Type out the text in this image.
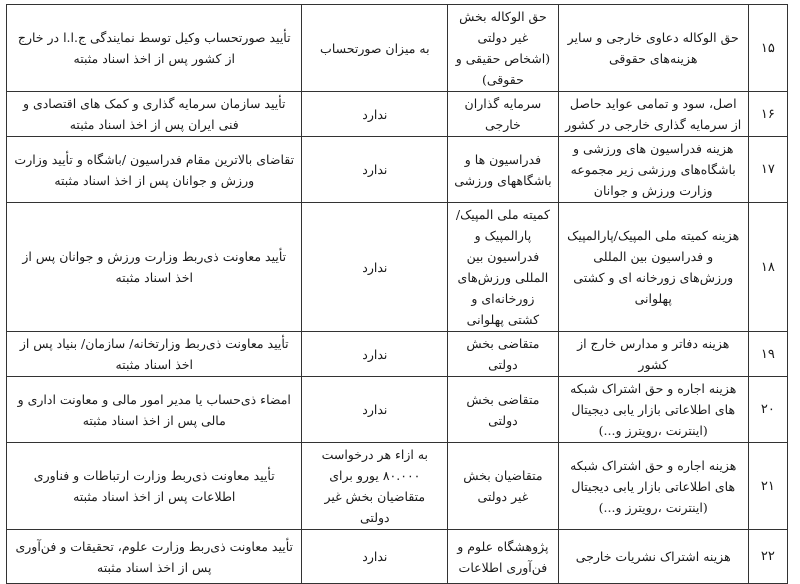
۱۵	حق الوکاله دعاوی خارجی و سایر هزینه‌های حقوقی	حق الوکاله بخش غیر دولتی (اشخاص حقیقی و حقوقی)	به میزان صورتحساب	تأیید صورتحساب وکیل توسط نمایندگی ج.ا.ا در خارج از کشور پس از اخذ اسناد مثبته
۱۶	اصل، سود و تمامی عواید حاصل از سرمایه گذاری خارجی در کشور	سرمایه گذاران خارجی	ندارد	تأیید سازمان سرمایه گذاری و کمک های اقتصادی و فنی ایران پس از اخذ اسناد مثبته
۱۷	هزینه فدراسیون های ورزشی و باشگاه‌های ورزشی زیر مجموعه وزارت ورزش و جوانان	فدراسیون ها و باشگاههای ورزشی	ندارد	تقاضای بالاترین مقام فدراسیون /باشگاه و تأیید وزارت ورزش و جوانان پس از اخذ اسناد مثبته
۱۸	هزینه کمیته ملی المپیک/پارالمپیک و فدراسیون بین المللی ورزش‌های زورخانه ای و کشتی پهلوانی	کمیته ملی المپیک/پارالمپیک و فدراسیون بین المللی ورزش‌های زورخانه‌ای و کشتی پهلوانی	ندارد	تأیید معاونت ذی‌ربط وزارت ورزش و جوانان پس از اخذ اسناد مثبته
۱۹	هزینه دفاتر و مدارس خارج از کشور	متقاضی بخش دولتی	ندارد	تأیید معاونت ذی‌ربط وزارتخانه/ سازمان/ بنیاد پس از اخذ اسناد مثبته
۲۰	هزینه اجاره و حق اشتراک شبکه های اطلاعاتی بازار یابی دیجیتال (اینترنت ،رویترز و...)	متقاضی بخش دولتی	ندارد	امضاء ذی‌حساب یا مدیر امور مالی و معاونت اداری و مالی پس از اخذ اسناد مثبته
۲۱	هزینه اجاره و حق اشتراک شبکه های اطلاعاتی بازار یابی دیجیتال (اینترنت ،رویترز و...)	متقاضیان بخش غیر دولتی	به ازاء هر درخواست ۸۰.۰۰۰ یورو برای متقاضیان بخش غیر دولتی	تأیید معاونت ذی‌ربط وزارت ارتباطات و فناوری اطلاعات پس از اخذ اسناد مثبته
۲۲	هزینه اشتراک نشریات خارجی	پژوهشگاه علوم و فن‌آوری اطلاعات	ندارد	تأیید معاونت ذی‌ربط وزارت علوم، تحقیقات و فن‌آوری پس از اخذ اسناد مثبته
